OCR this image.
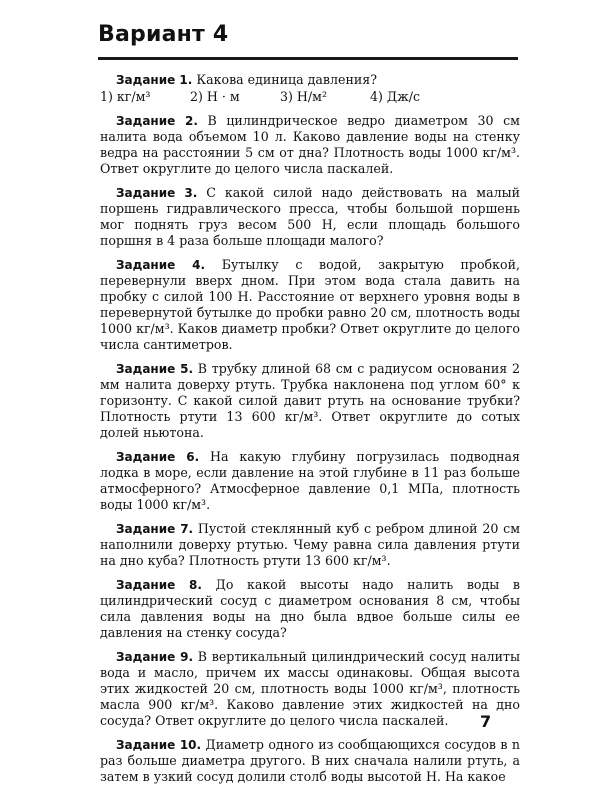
Вариант 4
Задание 1. Какова единица давления?
1) кг/м³	2) Н · м	3) Н/м²	4) Дж/с
Задание 2. В цилиндрическое ведро диаметром 30 см налита вода объемом 10 л. Каково давление воды на стенку ведра на расстоянии 5 см от дна? Плотность воды 1000 кг/м³. Ответ округлите до целого числа паскалей.
Задание 3. С какой силой надо действовать на малый поршень гидравлического пресса, чтобы большой поршень мог поднять груз весом 500 Н, если площадь большого поршня в 4 раза больше площади малого?
Задание 4. Бутылку с водой, закрытую пробкой, перевернули вверх дном. При этом вода стала давить на пробку с силой 100 Н. Расстояние от верхнего уровня воды в перевернутой бутылке до пробки равно 20 см, плотность воды 1000 кг/м³. Каков диаметр пробки? Ответ округлите до целого числа сантиметров.
Задание 5. В трубку длиной 68 см с радиусом основания 2 мм налита доверху ртуть. Трубка наклонена под углом 60° к горизонту. С какой силой давит ртуть на основание трубки? Плотность ртути 13 600 кг/м³. Ответ округлите до сотых долей ньютона.
Задание 6. На какую глубину погрузилась подводная лодка в море, если давление на этой глубине в 11 раз больше атмосферного? Атмосферное давление 0,1 МПа, плотность воды 1000 кг/м³.
Задание 7. Пустой стеклянный куб с ребром длиной 20 см наполнили доверху ртутью. Чему равна сила давления ртути на дно куба? Плотность ртути 13 600 кг/м³.
Задание 8. До какой высоты надо налить воды в цилиндрический сосуд с диаметром основания 8 см, чтобы сила давления воды на дно была вдвое больше силы ее давления на стенку сосуда?
Задание 9. В вертикальный цилиндрический сосуд налиты вода и масло, причем их массы одинаковы. Общая высота этих жидкостей 20 см, плотность воды 1000 кг/м³, плотность масла 900 кг/м³. Каково давление этих жидкостей на дно сосуда? Ответ округлите до целого числа паскалей.
Задание 10. Диаметр одного из сообщающихся сосудов в n раз больше диаметра другого. В них сначала налили ртуть, а затем в узкий сосуд долили столб воды высотой H. На какое
7
